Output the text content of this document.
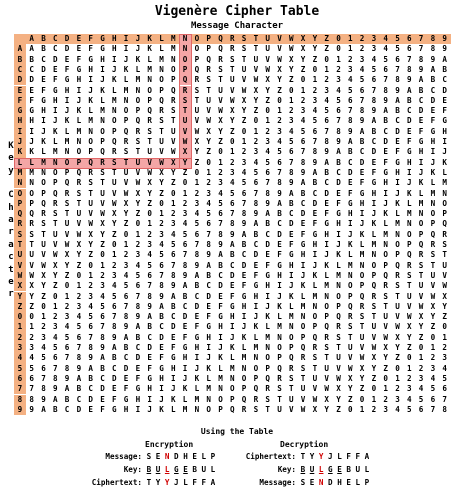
Vigenère Cipher Table
Message Character
K
e
y

C
h
a
r
a
c
t
e
r
A B C D E F G H I J K L M N O P Q R S T U V W X Y Z 0 1 2 3 4 5 6 7 8 9
A A B C D E F G H I J K L M N O P Q R S T U V W X Y Z 0 1 2 3 4 5 6 7 8 9
B B C D E F G H I J K L M N O P Q R S T U V W X Y Z 0 1 2 3 4 5 6 7 8 9 A
C C D E F G H I J K L M N O P Q R S T U V W X Y Z 0 1 2 3 4 5 6 7 8 9 A B
D D E F G H I J K L M N O P Q R S T U V W X Y Z 0 1 2 3 4 5 6 7 8 9 A B C
E E F G H I J K L M N O P Q R S T U V W X Y Z 0 1 2 3 4 5 6 7 8 9 A B C D
F F G H I J K L M N O P Q R S T U V W X Y Z 0 1 2 3 4 5 6 7 8 9 A B C D E
G G H I J K L M N O P Q R S T U V W X Y Z 0 1 2 3 4 5 6 7 8 9 A B C D E F
H H I J K L M N O P Q R S T U V W X Y Z 0 1 2 3 4 5 6 7 8 9 A B C D E F G
I I J K L M N O P Q R S T U V W X Y Z 0 1 2 3 4 5 6 7 8 9 A B C D E F G H
J J K L M N O P Q R S T U V W X Y Z 0 1 2 3 4 5 6 7 8 9 A B C D E F G H I
K K L M N O P Q R S T U V W X Y Z 0 1 2 3 4 5 6 7 8 9 A B C D E F G H I J
L L M N O P Q R S T U V W X Y Z 0 1 2 3 4 5 6 7 8 9 A B C D E F G H I J K
M M N O P Q R S T U V W X Y Z 0 1 2 3 4 5 6 7 8 9 A B C D E F G H I J K L
N N O P Q R S T U V W X Y Z 0 1 2 3 4 5 6 7 8 9 A B C D E F G H I J K L M
O O P Q R S T U V W X Y Z 0 1 2 3 4 5 6 7 8 9 A B C D E F G H I J K L M N
P P Q R S T U V W X Y Z 0 1 2 3 4 5 6 7 8 9 A B C D E F G H I J K L M N O
Q Q R S T U V W X Y Z 0 1 2 3 4 5 6 7 8 9 A B C D E F G H I J K L M N O P
R R S T U V W X Y Z 0 1 2 3 4 5 6 7 8 9 A B C D E F G H I J K L M N O P Q
S S T U V W X Y Z 0 1 2 3 4 5 6 7 8 9 A B C D E F G H I J K L M N O P Q R
T T U V W X Y Z 0 1 2 3 4 5 6 7 8 9 A B C D E F G H I J K L M N O P Q R S
U U V W X Y Z 0 1 2 3 4 5 6 7 8 9 A B C D E F G H I J K L M N O P Q R S T
V V W X Y Z 0 1 2 3 4 5 6 7 8 9 A B C D E F G H I J K L M N O P Q R S T U
W W X Y Z 0 1 2 3 4 5 6 7 8 9 A B C D E F G H I J K L M N O P Q R S T U V
X X Y Z 0 1 2 3 4 5 6 7 8 9 A B C D E F G H I J K L M N O P Q R S T U V W
Y Y Z 0 1 2 3 4 5 6 7 8 9 A B C D E F G H I J K L M N O P Q R S T U V W X
Z Z 0 1 2 3 4 5 6 7 8 9 A B C D E F G H I J K L M N O P Q R S T U V W X Y
0 0 1 2 3 4 5 6 7 8 9 A B C D E F G H I J K L M N O P Q R S T U V W X Y Z
1 1 2 3 4 5 6 7 8 9 A B C D E F G H I J K L M N O P Q R S T U V W X Y Z 0
2 2 3 4 5 6 7 8 9 A B C D E F G H I J K L M N O P Q R S T U V W X Y Z 0 1
3 3 4 5 6 7 8 9 A B C D E F G H I J K L M N O P Q R S T U V W X Y Z 0 1 2
4 4 5 6 7 8 9 A B C D E F G H I J K L M N O P Q R S T U V W X Y Z 0 1 2 3
5 5 6 7 8 9 A B C D E F G H I J K L M N O P Q R S T U V W X Y Z 0 1 2 3 4
6 6 7 8 9 A B C D E F G H I J K L M N O P Q R S T U V W X Y Z 0 1 2 3 4 5
7 7 8 9 A B C D E F G H I J K L M N O P Q R S T U V W X Y Z 0 1 2 3 4 5 6
8 8 9 A B C D E F G H I J K L M N O P Q R S T U V W X Y Z 0 1 2 3 4 5 6 7
9 9 A B C D E F G H I J K L M N O P Q R S T U V W X Y Z 0 1 2 3 4 5 6 7 8
Using the Table
Encryption	Decryption
Message: S E N D H E L P
Key: B U L G E B U L
Ciphertext: T Y Y J L F F A
Ciphertext: T Y Y J L F F A
Key: B U L G E B U L
Message: S E N D H E L P
